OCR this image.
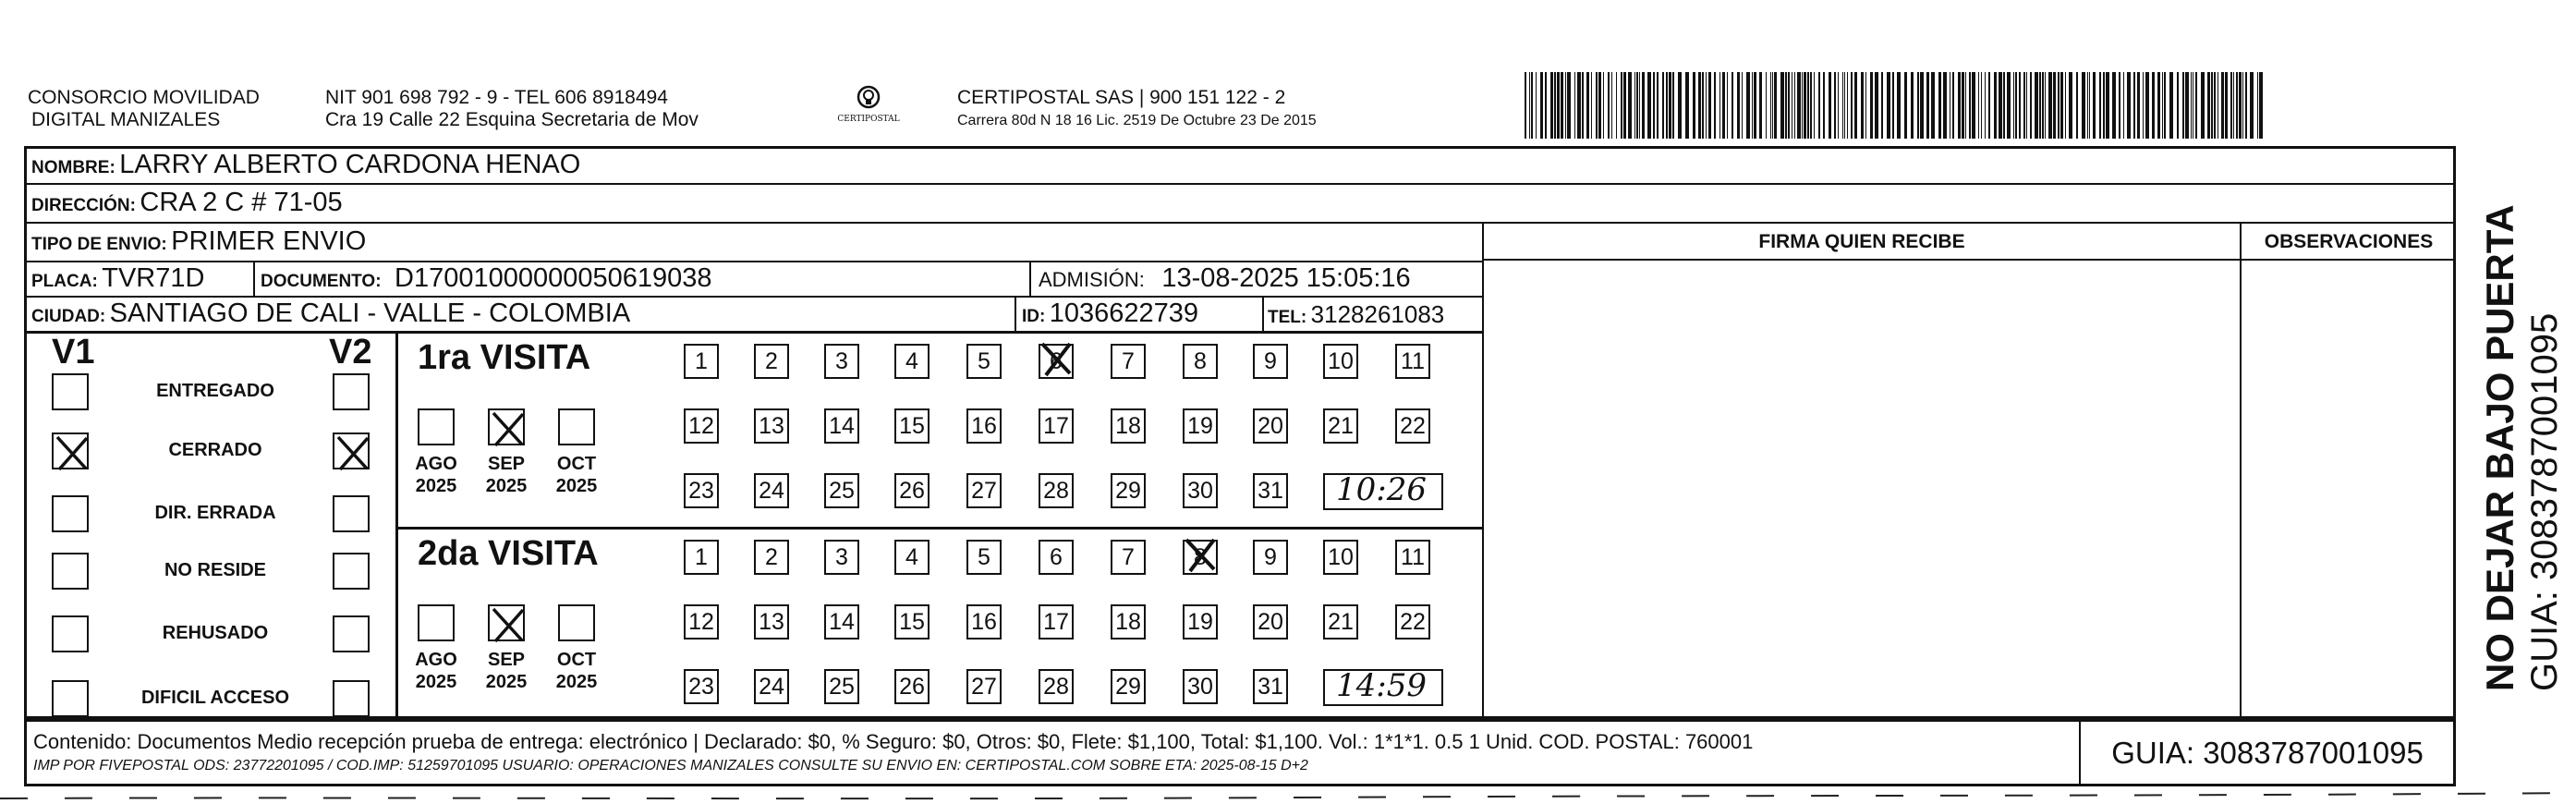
CONSORCIO MOVILIDAD
DIGITAL MANIZALES
NIT 901 698 792 - 9 - TEL 606 8918494
Cra 19 Calle 22 Esquina Secretaria de Mov	CERTIPOSTAL
CERTIPOSTAL SAS | 900 151 122 - 2
Carrera 80d N 18 16 Lic. 2519 De Octubre 23 De 2015
NOMBRE: LARRY ALBERTO CARDONA HENAO
DIRECCIÓN: CRA 2 C # 71-05
TIPO DE ENVIO: PRIMER ENVIO	FIRMA QUIEN RECIBE	OBSERVACIONES
PLACA: TVR71D	DOCUMENTO: D17001000000050619038	ADMISIÓN: 13-08-2025 15:05:16
CIUDAD: SANTIAGO DE CALI - VALLE - COLOMBIA	ID: 1036622739	TEL: 3128261083
V1	V2
ENTREGADO
CERRADO
DIR. ERRADA
NO RESIDE
REHUSADO
DIFICIL ACCESO
1ra VISITA
AGO
2025
SEP
2025
OCT
2025
1	2	3	4	5	6	7	8	9	10 11
12 13 14 15 16 17 18 19 20 21 22
23 24 25 26 27 28 29 30 31 10:26
2da VISITA
AGO
2025
SEP
2025
OCT
2025
1	2	3	4	5	6	7	8	9	10 11
12 13 14 15 16 17 18 19 20 21 22
23 24 25 26 27 28 29 30 31 14:59
Contenido: Documentos Medio recepción prueba de entrega: electrónico | Declarado: $0, % Seguro: $0, Otros: $0, Flete: $1,100, Total: $1,100. Vol.: 1*1*1. 0.5 1 Unid. COD. POSTAL: 760001
IMP POR FIVEPOSTAL ODS: 23772201095 / COD.IMP: 51259701095 USUARIO: OPERACIONES MANIZALES CONSULTE SU ENVIO EN: CERTIPOSTAL.COM SOBRE ETA: 2025-08-15 D+2	GUIA: 3083787001095
NO DEJAR BAJO PUERTA GUIA: 3083787001095
